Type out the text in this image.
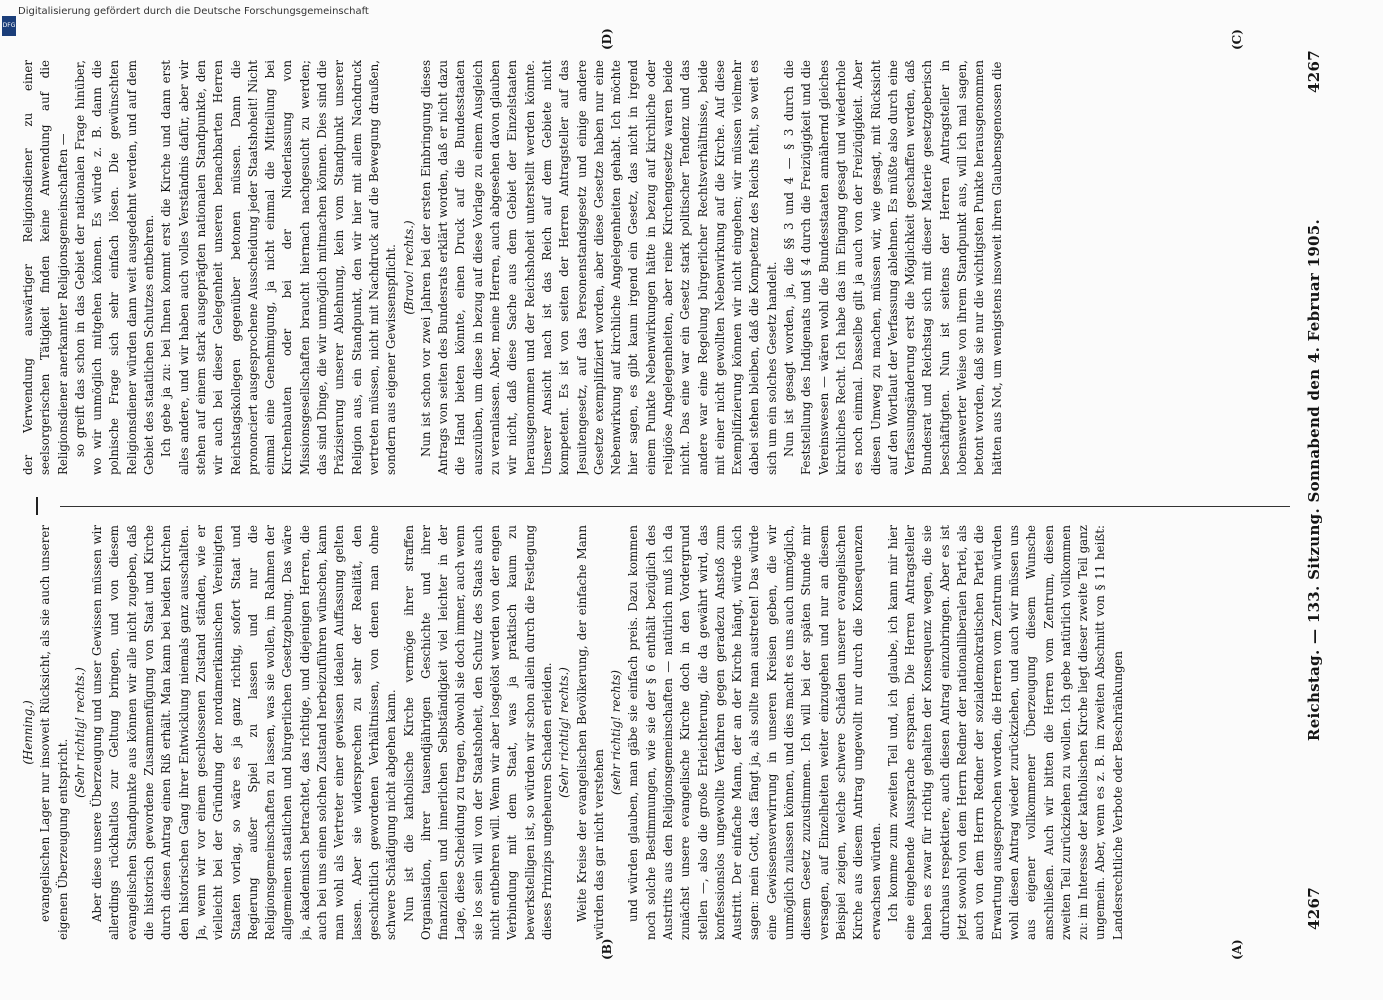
DFG
Digitalisierung gefördert durch die Deutsche Forschungsgemeinschaft
4267
Reichstag. — 133. Sitzung. Sonnabend den 4. Februar 1905.
4267
(A)
(B)
(C)
(D)

(Henning.) evangelischen Lager nur insoweit Rücksicht, als sie auch unserer eigenen Überzeugung entspricht.

(Sehr richtig! rechts.) Aber diese unsere Überzeugung und unser Gewissen müssen wir allerdings rückhaltlos zur Geltung bringen, und von diesem evangelischen Standpunkte aus können wir alle nicht zugeben, daß die historisch gewordene Zusammenfügung von Staat und Kirche durch diesen Antrag einen Riß erhält. Man kann bei beiden Kirchen den historischen Gang ihrer Entwicklung niemals ganz ausschalten. Ja, wenn wir vor einem geschlossenen Zustand ständen, wie er vielleicht bei der Gründung der nordamerikanischen Vereinigten Staaten vorlag, so wäre es ja ganz richtig, sofort Staat und Regierung außer Spiel zu lassen und nur die Religionsgemeinschaften zu lassen, was sie wollen, im Rahmen der allgemeinen staatlichen und bürgerlichen Gesetzgebung. Das wäre ja, akademisch betrachtet, das richtige, und diejenigen Herren, die auch bei uns einen solchen Zustand herbeizuführen wünschen, kann man wohl als Vertreter einer gewissen idealen Auffassung gelten lassen. Aber sie widersprechen zu sehr der Realität, den geschichtlich gewordenen Verhältnissen, von denen man ohne schwere Schädigung nicht abgehen kann. Nun ist die katholische Kirche vermöge ihrer straffen Organisation, ihrer tausendjährigen Geschichte und ihrer finanziellen und innerlichen Selbständigkeit viel leichter in der Lage, diese Scheidung zu tragen, obwohl sie doch immer, auch wenn sie los sein will von der Staatshoheit, den Schutz des Staats auch nicht entbehren will. Wenn wir aber losgelöst werden von der engen Verbindung mit dem Staat, was ja praktisch kaum zu bewerkstelligen ist, so würden wir schon allein durch die Festlegung dieses Prinzips ungeheuren Schaden erleiden. (Sehr richtig! rechts.) Weite Kreise der evangelischen Bevölkerung, der einfache Mann würden das gar nicht verstehen

(sehr richtig! rechts) und würden glauben, man gäbe sie einfach preis. Dazu kommen noch solche Bestimmungen, wie sie der § 6 enthält bezüglich des Austritts aus den Religionsgemeinschaften — natürlich muß ich da zunächst unsere evangelische Kirche doch in den Vordergrund stellen —, also die große Erleichterung, die da gewährt wird, das konfessionslos ungewollte Verfahren gegen geradezu Anstoß zum Austritt. Der einfache Mann, der an der Kirche hängt, würde sich sagen: mein Gott, das fängt ja, als sollte man austreten! Das würde eine Gewissensverwirrung in unseren Kreisen geben, die wir unmöglich zulassen können, und dies macht es uns auch unmöglich, diesem Gesetz zuzustimmen. Ich will bei der späten Stunde mir versagen, auf Einzelheiten weiter einzugehen und nur an diesem Beispiel zeigen, welche schwere Schäden unserer evangelischen Kirche aus diesem Antrag ungewollt nur durch die Konsequenzen erwachsen würden. Ich komme zum zweiten Teil und, ich glaube, ich kann mir hier eine eingehende Aussprache ersparen. Die Herren Antragsteller haben es zwar für richtig gehalten der Konsequenz wegen, die sie durchaus respektiere, auch diesen Antrag einzubringen. Aber es ist jetzt sowohl von dem Herrn Redner der nationalliberalen Partei, als auch von dem Herrn Redner der sozialdemokratischen Partei die Erwartung ausgesprochen worden, die Herren vom Zentrum würden wohl diesen Antrag wieder zurückziehen, und auch wir müssen uns aus eigener vollkommener Überzeugung diesem Wunsche anschließen. Auch wir bitten die Herren vom Zentrum, diesen zweiten Teil zurückziehen zu wollen. Ich gebe natürlich vollkommen zu: im Interesse der katholischen Kirche liegt dieser zweite Teil ganz ungemein. Aber, wenn es z. B. im zweiten Abschnitt von § 11 heißt: Landesrechtliche Verbote oder Beschränkungen

der Verwendung auswärtiger Religionsdiener zu einer seelsorgerischen Tätigkeit finden keine Anwendung auf die Religionsdiener anerkannter Religionsgemeinschaften — so greift das schon in das Gebiet der nationalen Frage hinüber, wo wir unmöglich mitgehen können. Es würde z. B. dann die polnische Frage sich sehr einfach lösen. Die gewünschten Religionsdiener würden dann weit ausgedehnt werden, und auf dem Gebiet des staatlichen Schutzes entbehren. Ich gebe ja zu: bei Ihnen kommt erst die Kirche und dann erst alles andere, und wir haben auch volles Verständnis dafür, aber wir stehen auf einem stark ausgeprägten nationalen Standpunkte, den wir auch bei dieser Gelegenheit unseren benachbarten Herren Reichstagskollegen gegenüber betonen müssen. Dann die prononciert ausgesprochene Ausscheidung jeder Staatshoheit! Nicht einmal eine Genehmigung, ja nicht einmal die Mitteilung bei Kirchenbauten oder bei der Niederlassung von Missionsgesellschaften braucht hiernach nachgesucht zu werden; das sind Dinge, die wir unmöglich mitmachen können. Dies sind die Präzisierung unserer Ablehnung, kein vom Standpunkt unserer Religion aus, ein Standpunkt, den wir hier mit allem Nachdruck vertreten müssen, nicht mit Nachdruck auf die Bewegung draußen, sondern aus eigener Gewissenspflicht. (Bravo! rechts.) Nun ist schon vor zwei Jahren bei der ersten Einbringung dieses Antrags von seiten des Bundesrats erklärt worden, daß er nicht dazu die Hand bieten könnte, einen Druck auf die Bundesstaaten auszuüben, um diese in bezug auf diese Vorlage zu einem Ausgleich zu veranlassen. Aber, meine Herren, auch abgesehen davon glauben wir nicht, daß diese Sache aus dem Gebiet der Einzelstaaten herausgenommen und der Reichshoheit unterstellt werden könnte. Unserer Ansicht nach ist das Reich auf dem Gebiete nicht kompetent. Es ist von seiten der Herren Antragsteller auf das Jesuitengesetz, auf das Personenstandsgesetz und einige andere Gesetze exemplifiziert worden, aber diese Gesetze haben nur eine Nebenwirkung auf kirchliche Angelegenheiten gehabt. Ich möchte hier sagen, es gibt kaum irgend ein Gesetz, das nicht in irgend einem Punkte Nebenwirkungen hätte in bezug auf kirchliche oder religiöse Angelegenheiten, aber reine Kirchengesetze waren beide nicht. Das eine war ein Gesetz stark politischer Tendenz und das andere war eine Regelung bürgerlicher Rechtsverhältnisse, beide mit einer nicht gewollten Nebenwirkung auf die Kirche. Auf diese Exemplifizierung können wir nicht eingehen; wir müssen vielmehr dabei stehen bleiben, daß die Kompetenz des Reichs fehlt, so weit es sich um ein solches Gesetz handelt. Nun ist gesagt worden, ja, die §§ 3 und 4 — § 3 durch die Feststellung des Indigenats und § 4 durch die Freizügigkeit und die Vereinswesen — wären wohl die Bundesstaaten annähernd gleiches kirchliches Recht. Ich habe das im Eingang gesagt und wiederhole es noch einmal. Dasselbe gilt ja auch von der Freizügigkeit. Aber diesen Umweg zu machen, müssen wir, wie gesagt, mit Rücksicht auf den Wortlaut der Verfassung ablehnen. Es müßte also durch eine Verfassungsänderung erst die Möglichkeit geschaffen werden, daß Bundesrat und Reichstag sich mit dieser Materie gesetzgeberisch beschäftigten. Nun ist seitens der Herren Antragsteller in lobenswerter Weise von ihrem Standpunkt aus, will ich mal sagen, betont worden, daß sie nur die wichtigsten Punkte herausgenommen hätten aus Not, um wenigstens insoweit ihren Glaubensgenossen die
